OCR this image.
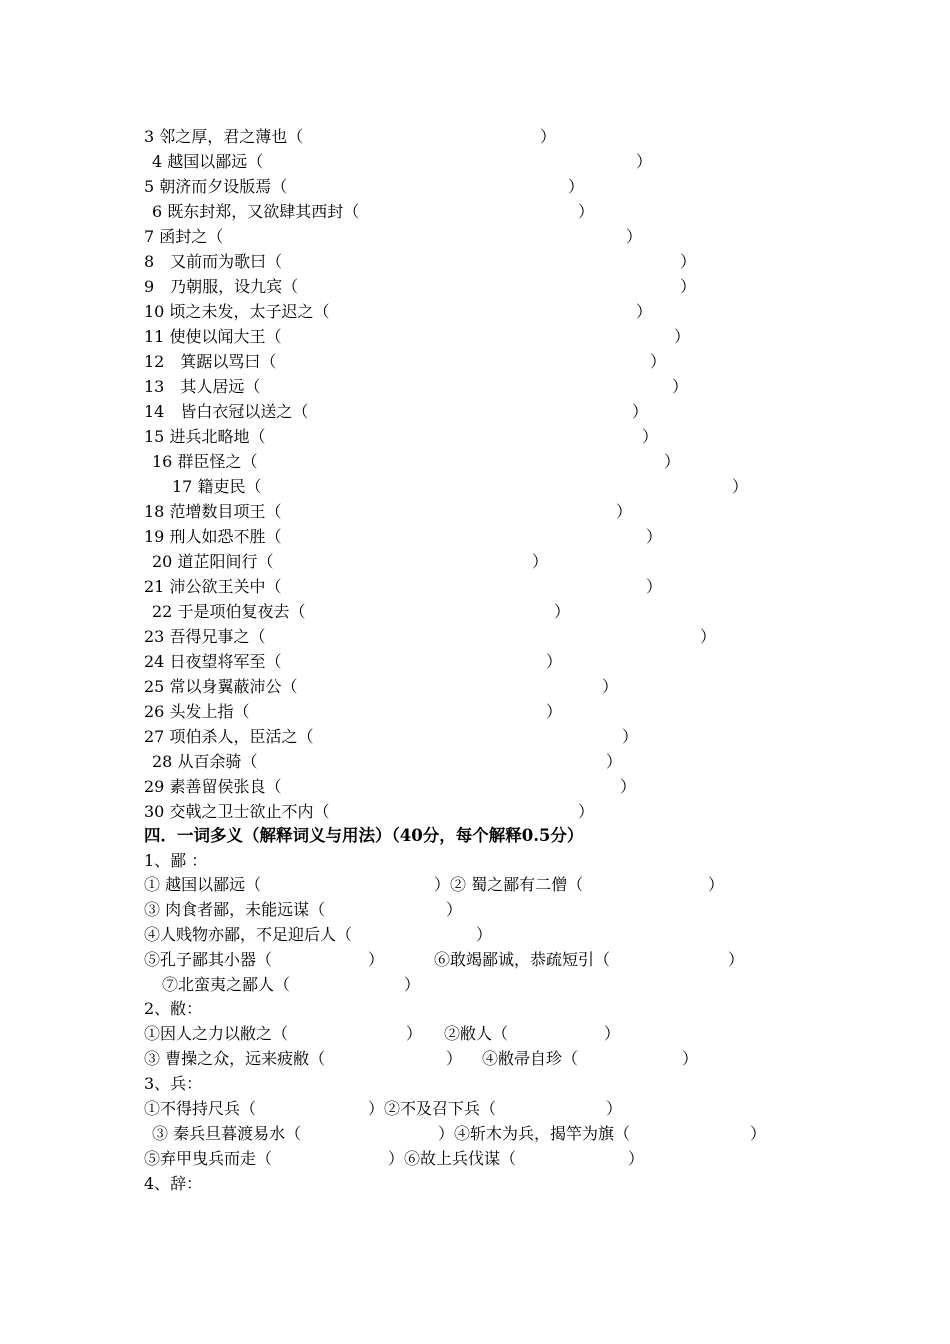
3 邻之厚，君之薄也（	）
4 越国以鄙远（	）
5 朝济而夕设版焉（	）
6 既东封郑，又欲肆其西封（	）
7 函封之（	）
8　又前而为歌曰（	）
9　乃朝服，设九宾（	）
10 顷之未发，太子迟之（	）
11 使使以闻大王（	）
12　箕踞以骂曰（	）
13　其人居远（	）
14　皆白衣冠以送之（	）
15 进兵北略地（	）
16 群臣怪之（	）
17 籍吏民（	）
18 范增数目项王（	）
19 刑人如恐不胜（	）
20 道芷阳间行（	）
21 沛公欲王关中（	）
22 于是项伯复夜去（	）
23 吾得兄事之（	）
24 日夜望将军至（	）
25 常以身翼蔽沛公（	）
26 头发上指（	）
27 项伯杀人，臣活之（	）
28 从百余骑（	）
29 素善留侯张良（	）
30 交戟之卫士欲止不内（	）
四．一词多义（解释词义与用法）（40分，每个解释0.5分）
1、鄙 ：
① 越国以鄙远（	）② 蜀之鄙有二僧（	）
③ 肉食者鄙，未能远谋（	）
④人贱物亦鄙，不足迎后人（	）
⑤孔子鄙其小器（	）	⑥敢竭鄙诚，恭疏短引（	）
⑦北蛮夷之鄙人（	）
2、敝：
①因人之力以敝之（	） ②敝人（	）
③ 曹操之众，远来疲敝（	） ④敝帚自珍（	）
3、兵：
①不得持尺兵（	）②不及召下兵（	）
③ 秦兵旦暮渡易水（	）④斩木为兵，揭竿为旗（	）
⑤弃甲曳兵而走（	）⑥故上兵伐谋（	）
4、辞：
